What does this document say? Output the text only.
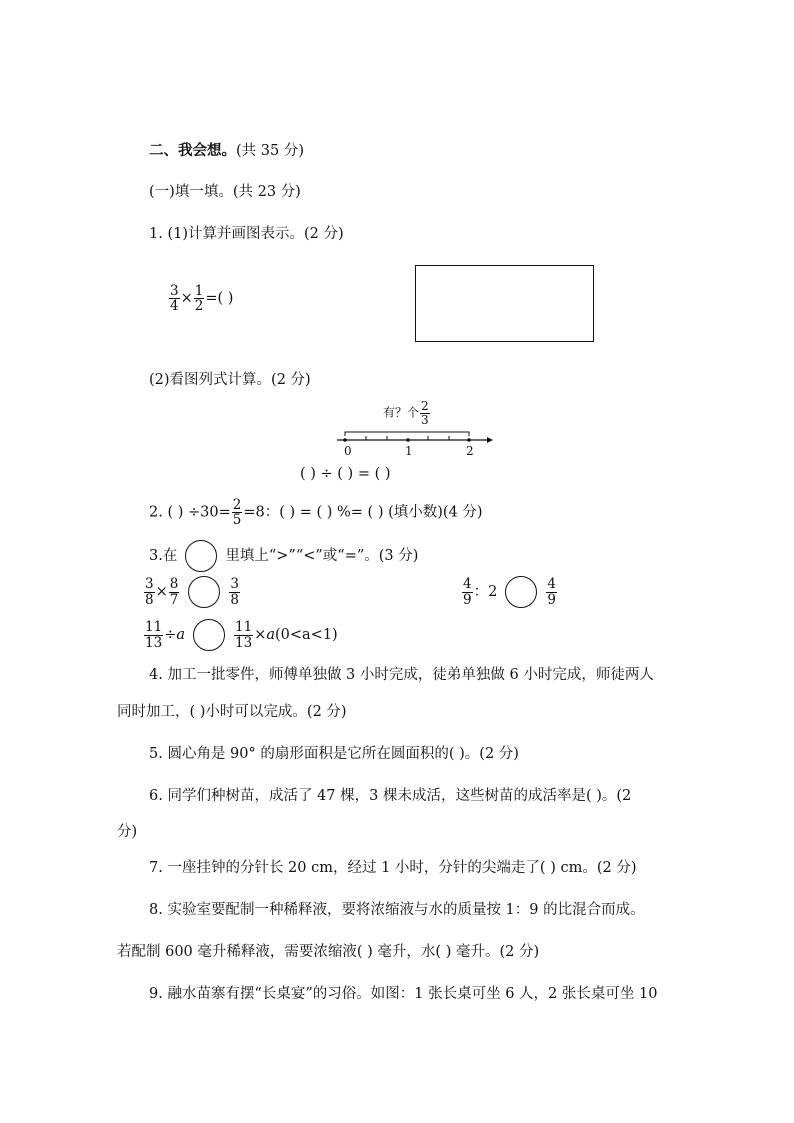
二、我会想。(共 35 分)
(一)填一填。(共 23 分)
1. (1)计算并画图表示。(2 分)
$\frac{3}{4} \times \frac{1}{2}$ =( )
(2)看图列式计算。(2 分)
有？个 $\frac{2}{3}$
0	1	2
( ) ÷ ( ) = ( )
2. ( ) $\div 30= \frac{2}{5} =8$：( ) = ( ) %= ( ) (填小数)(4 分)
3.在	里填上“>”“<”或“=”。(3 分)
$\frac{3}{8} \times \frac{8}{7}$	$\frac{3}{8}$	$\frac{4}{9}$ ：2	$\frac{4}{9}$
$\frac{11}{13} \div a$	$\frac{11}{13} \times a(0<a<1)$
4. 加工一批零件，师傅单独做 3 小时完成，徒弟单独做 6 小时完成，师徒两人
同时加工，( )小时可以完成。(2 分)
5. 圆心角是 90° 的扇形面积是它所在圆面积的( )。(2 分)
6. 同学们种树苗，成活了 47 棵，3 棵未成活，这些树苗的成活率是( )。(2
分)
7. 一座挂钟的分针长 20 cm，经过 1 小时，分针的尖端走了( ) cm。(2 分)
8. 实验室要配制一种稀释液，要将浓缩液与水的质量按 1：9 的比混合而成。
若配制 600 毫升稀释液，需要浓缩液( ) 毫升，水( ) 毫升。(2 分)
9. 融水苗寨有摆“长桌宴”的习俗。如图：1 张长桌可坐 6 人，2 张长桌可坐 10
